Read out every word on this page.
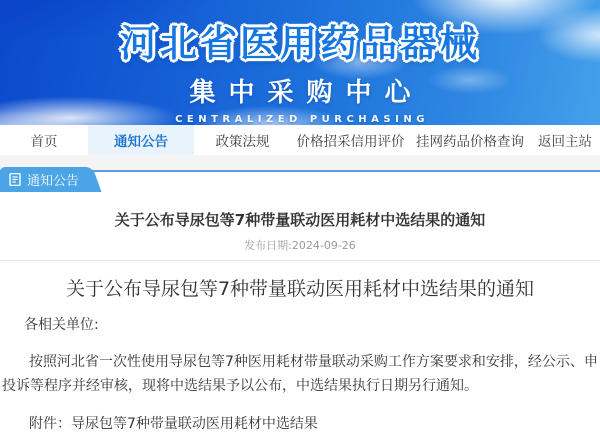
河北省医用药品器械
集中采购中心
CENTRALIZED PURCHASING
首页	通知公告	政策法规	价格招采信用评价 挂网药品价格查询	返回主站
通知公告
关于公布导尿包等7种带量联动医用耗材中选结果的通知
发布日期:2024-09-26
关于公布导尿包等7种带量联动医用耗材中选结果的通知
各相关单位:
按照河北省一次性使用导尿包等7种医用耗材带量联动采购工作方案要求和安排，经公示、申投诉等程序并经审核，现将中选结果予以公布，中选结果执行日期另行通知。
附件：导尿包等7种带量联动医用耗材中选结果
